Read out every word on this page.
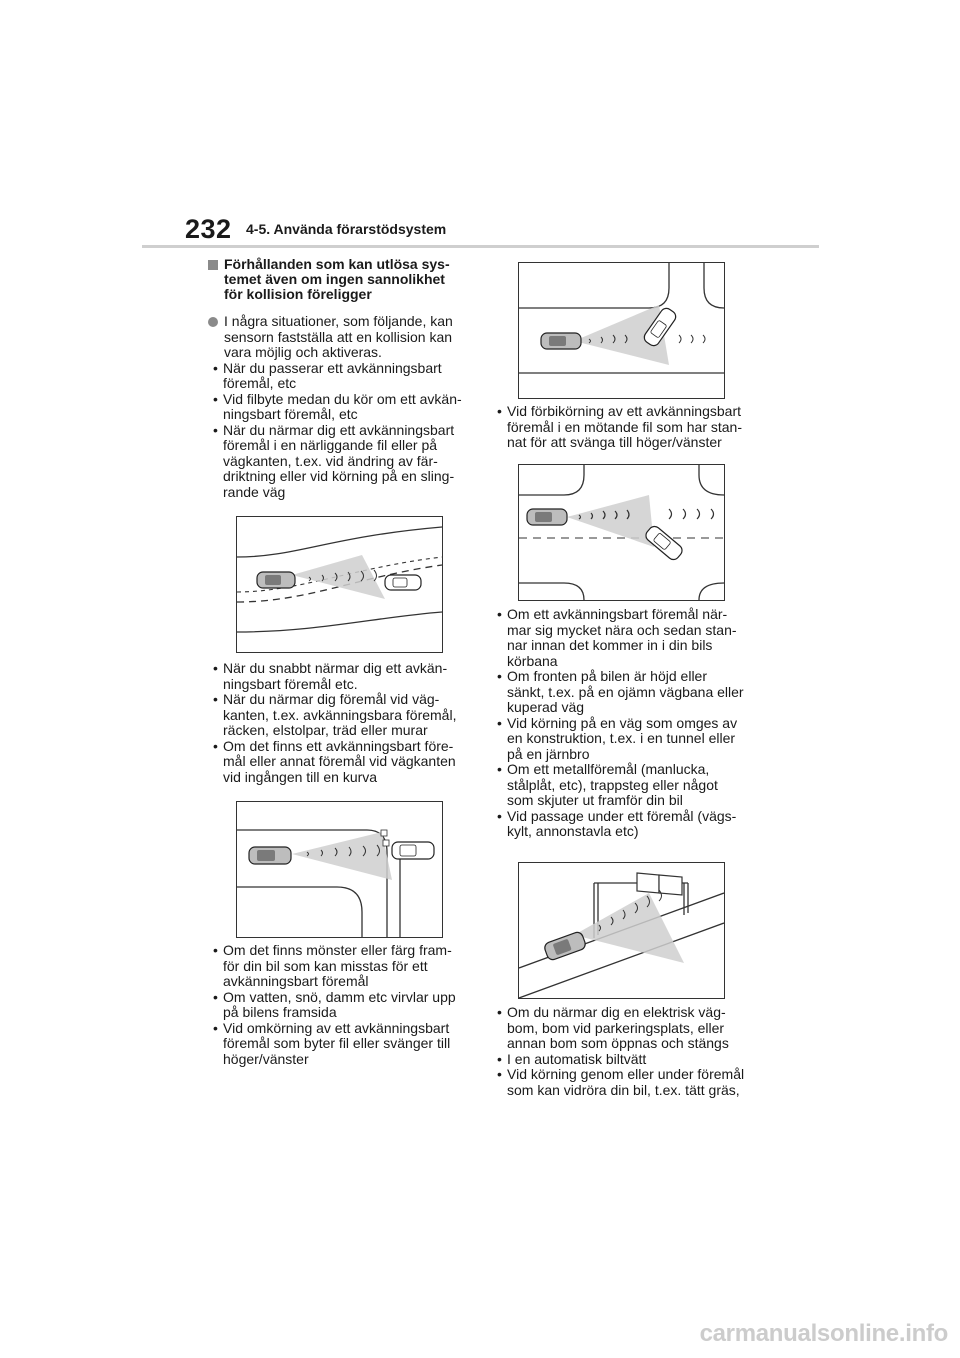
232 4-5. Använda förarstödsystem
Förhållanden som kan utlösa sys-
temet även om ingen sannolikhet
för kollision föreligger
I några situationer, som följande, kan
sensorn fastställa att en kollision kan
vara möjlig och aktiveras.
• När du passerar ett avkänningsbart
föremål, etc
• Vid filbyte medan du kör om ett avkän-
ningsbart föremål, etc
• När du närmar dig ett avkänningsbart
föremål i en närliggande fil eller på
vägkanten, t.ex. vid ändring av fär-
driktning eller vid körning på en sling-
rande väg
• När du snabbt närmar dig ett avkän-
ningsbart föremål etc.
• När du närmar dig föremål vid väg-
kanten, t.ex. avkänningsbara föremål,
räcken, elstolpar, träd eller murar
• Om det finns ett avkänningsbart före-
mål eller annat föremål vid vägkanten
vid ingången till en kurva
• Om det finns mönster eller färg fram-
för din bil som kan misstas för ett
avkänningsbart föremål
• Om vatten, snö, damm etc virvlar upp
på bilens framsida
• Vid omkörning av ett avkänningsbart
föremål som byter fil eller svänger till
höger/vänster
• Vid förbikörning av ett avkänningsbart
föremål i en mötande fil som har stan-
nat för att svänga till höger/vänster
• Om ett avkänningsbart föremål när-
mar sig mycket nära och sedan stan-
nar innan det kommer in i din bils
körbana
• Om fronten på bilen är höjd eller
sänkt, t.ex. på en ojämn vägbana eller
kuperad väg
• Vid körning på en väg som omges av
en konstruktion, t.ex. i en tunnel eller
på en järnbro
• Om ett metallföremål (manlucka,
stålplåt, etc), trappsteg eller något
som skjuter ut framför din bil
• Vid passage under ett föremål (vägs-
kylt, annonstavla etc)
• Om du närmar dig en elektrisk väg-
bom, bom vid parkeringsplats, eller
annan bom som öppnas och stängs
• I en automatisk biltvätt
• Vid körning genom eller under föremål
som kan vidröra din bil, t.ex. tätt gräs,
carmanualsonline.info
